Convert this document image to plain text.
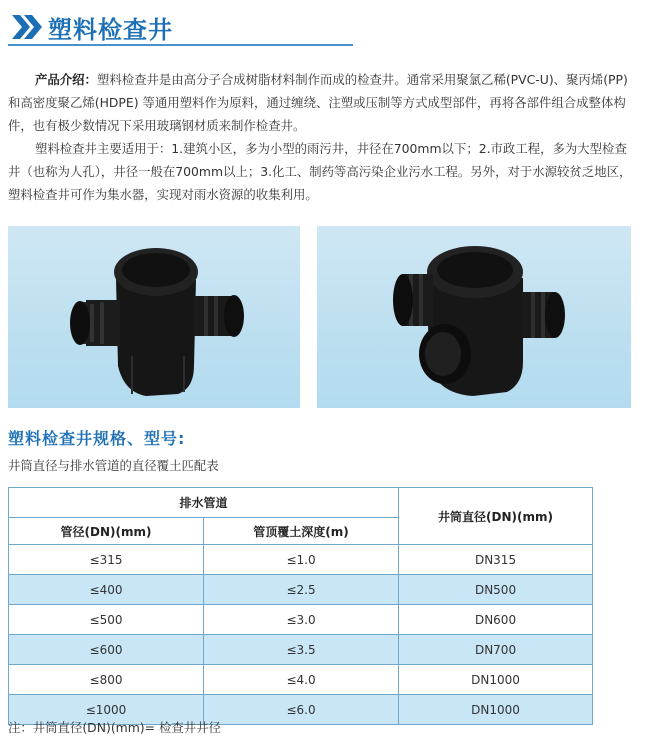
塑料检查井

产品介绍：塑料检查井是由高分子合成树脂材料制作而成的检查井。通常采用聚氯乙稀(PVC-U)、聚丙烯(PP)和高密度聚乙烯(HDPE) 等通用塑料作为原料，通过缠绕、注塑或压制等方式成型部件，再将各部件组合成整体构件，也有极少数情况下采用玻璃钢材质来制作检查井。

塑料检查井主要适用于：1.建筑小区，多为小型的雨污井，井径在700mm以下；2.市政工程，多为大型检查井（也称为人孔），井径一般在700mm以上；3.化工、制药等高污染企业污水工程。另外，对于水源较贫乏地区，塑料检查井可作为集水器，实现对雨水资源的收集利用。

塑料检查井规格、型号:
井筒直径与排水管道的直径覆土匹配表
排水管道		井筒直径(DN)(mm)
管径(DN)(mm)	管顶覆土深度(m)	
≤315	≤1.0	DN315
≤400	≤2.5	DN500
≤500	≤3.0	DN600
≤600	≤3.5	DN700
≤800	≤4.0	DN1000
≤1000	≤6.0	DN1000
注：井筒直径(DN)(mm)= 检查井井径
